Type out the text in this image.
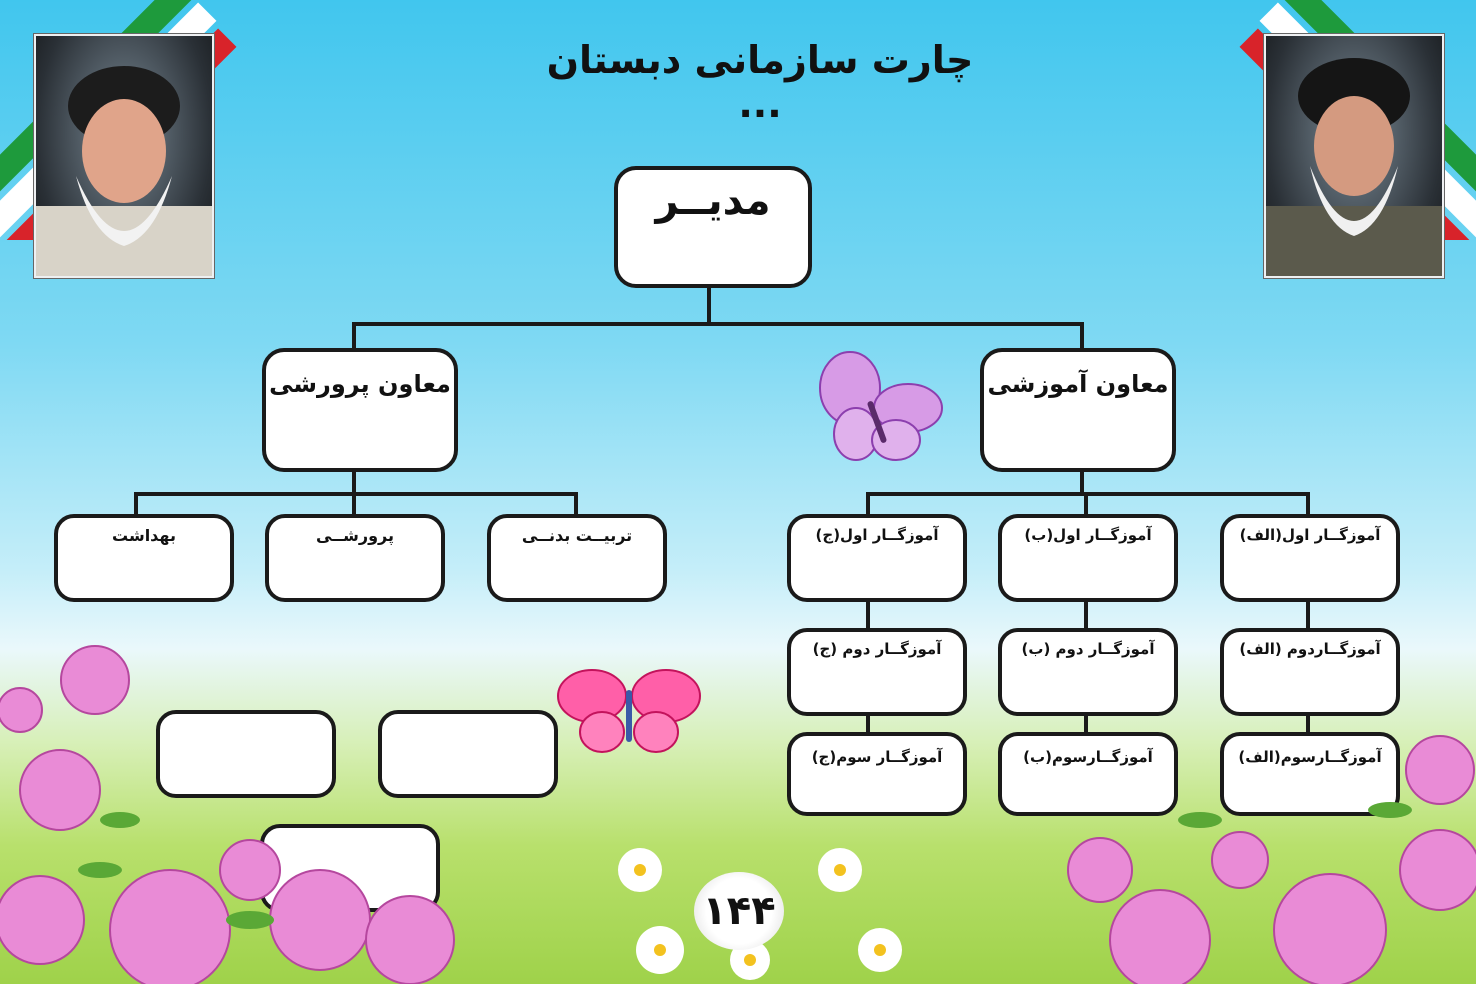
چارت سازمانی دبستان ...
مدیــر
معاون پرورشی	معاون آموزشی
بهداشت	پرورشــی	تربیــت بدنــی	آموزگــار اول(الف)
آموزگــاردوم (الف)
آموزگــارسوم(الف)
آموزگــار اول(ب)
آموزگــار دوم (ب)
آموزگــارسوم(ب)
آموزگــار اول(ج)
آموزگــار دوم (ج)
آموزگــار سوم(ج)
۱۴۴
